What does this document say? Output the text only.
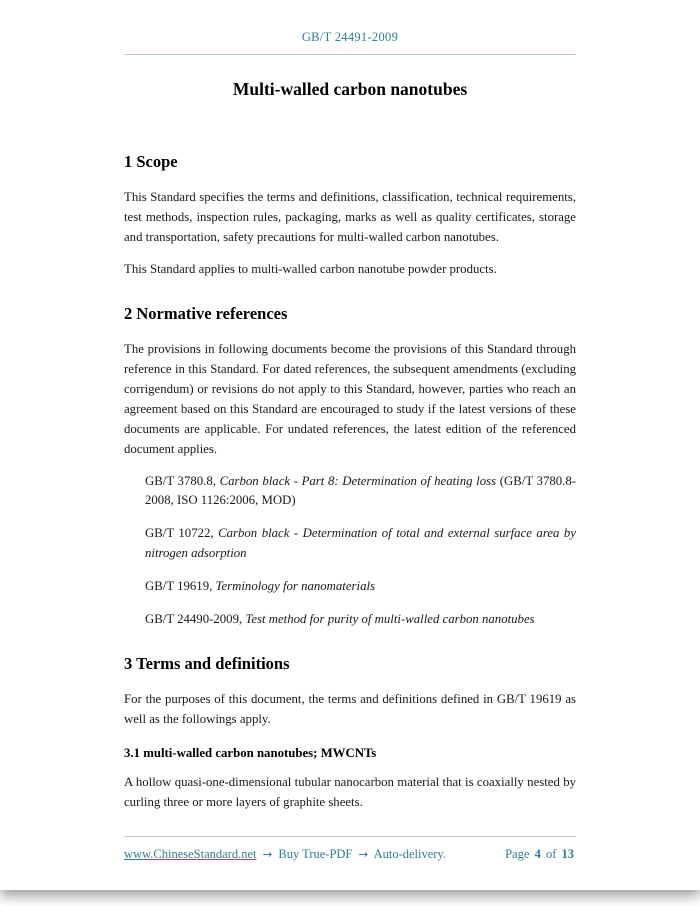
GB/T 24491-2009
Multi-walled carbon nanotubes
1 Scope

This Standard specifies the terms and definitions, classification, technical requirements, test methods, inspection rules, packaging, marks as well as quality certificates, storage and transportation, safety precautions for multi-walled carbon nanotubes.

This Standard applies to multi-walled carbon nanotube powder products.

2 Normative references

The provisions in following documents become the provisions of this Standard through reference in this Standard. For dated references, the subsequent amendments (excluding corrigendum) or revisions do not apply to this Standard, however, parties who reach an agreement based on this Standard are encouraged to study if the latest versions of these documents are applicable. For undated references, the latest edition of the referenced document applies.

GB/T 3780.8, Carbon black - Part 8: Determination of heating loss (GB/T 3780.8-2008, ISO 1126:2006, MOD)

GB/T 10722, Carbon black - Determination of total and external surface area by nitrogen adsorption

GB/T 19619, Terminology for nanomaterials

GB/T 24490-2009, Test method for purity of multi-walled carbon nanotubes

3 Terms and definitions

For the purposes of this document, the terms and definitions defined in GB/T 19619 as well as the followings apply.

3.1 multi-walled carbon nanotubes; MWCNTs

A hollow quasi-one-dimensional tubular nanocarbon material that is coaxially nested by curling three or more layers of graphite sheets.

www.ChineseStandard.net → Buy True-PDF → Auto-delivery.	Page 4 of 13
